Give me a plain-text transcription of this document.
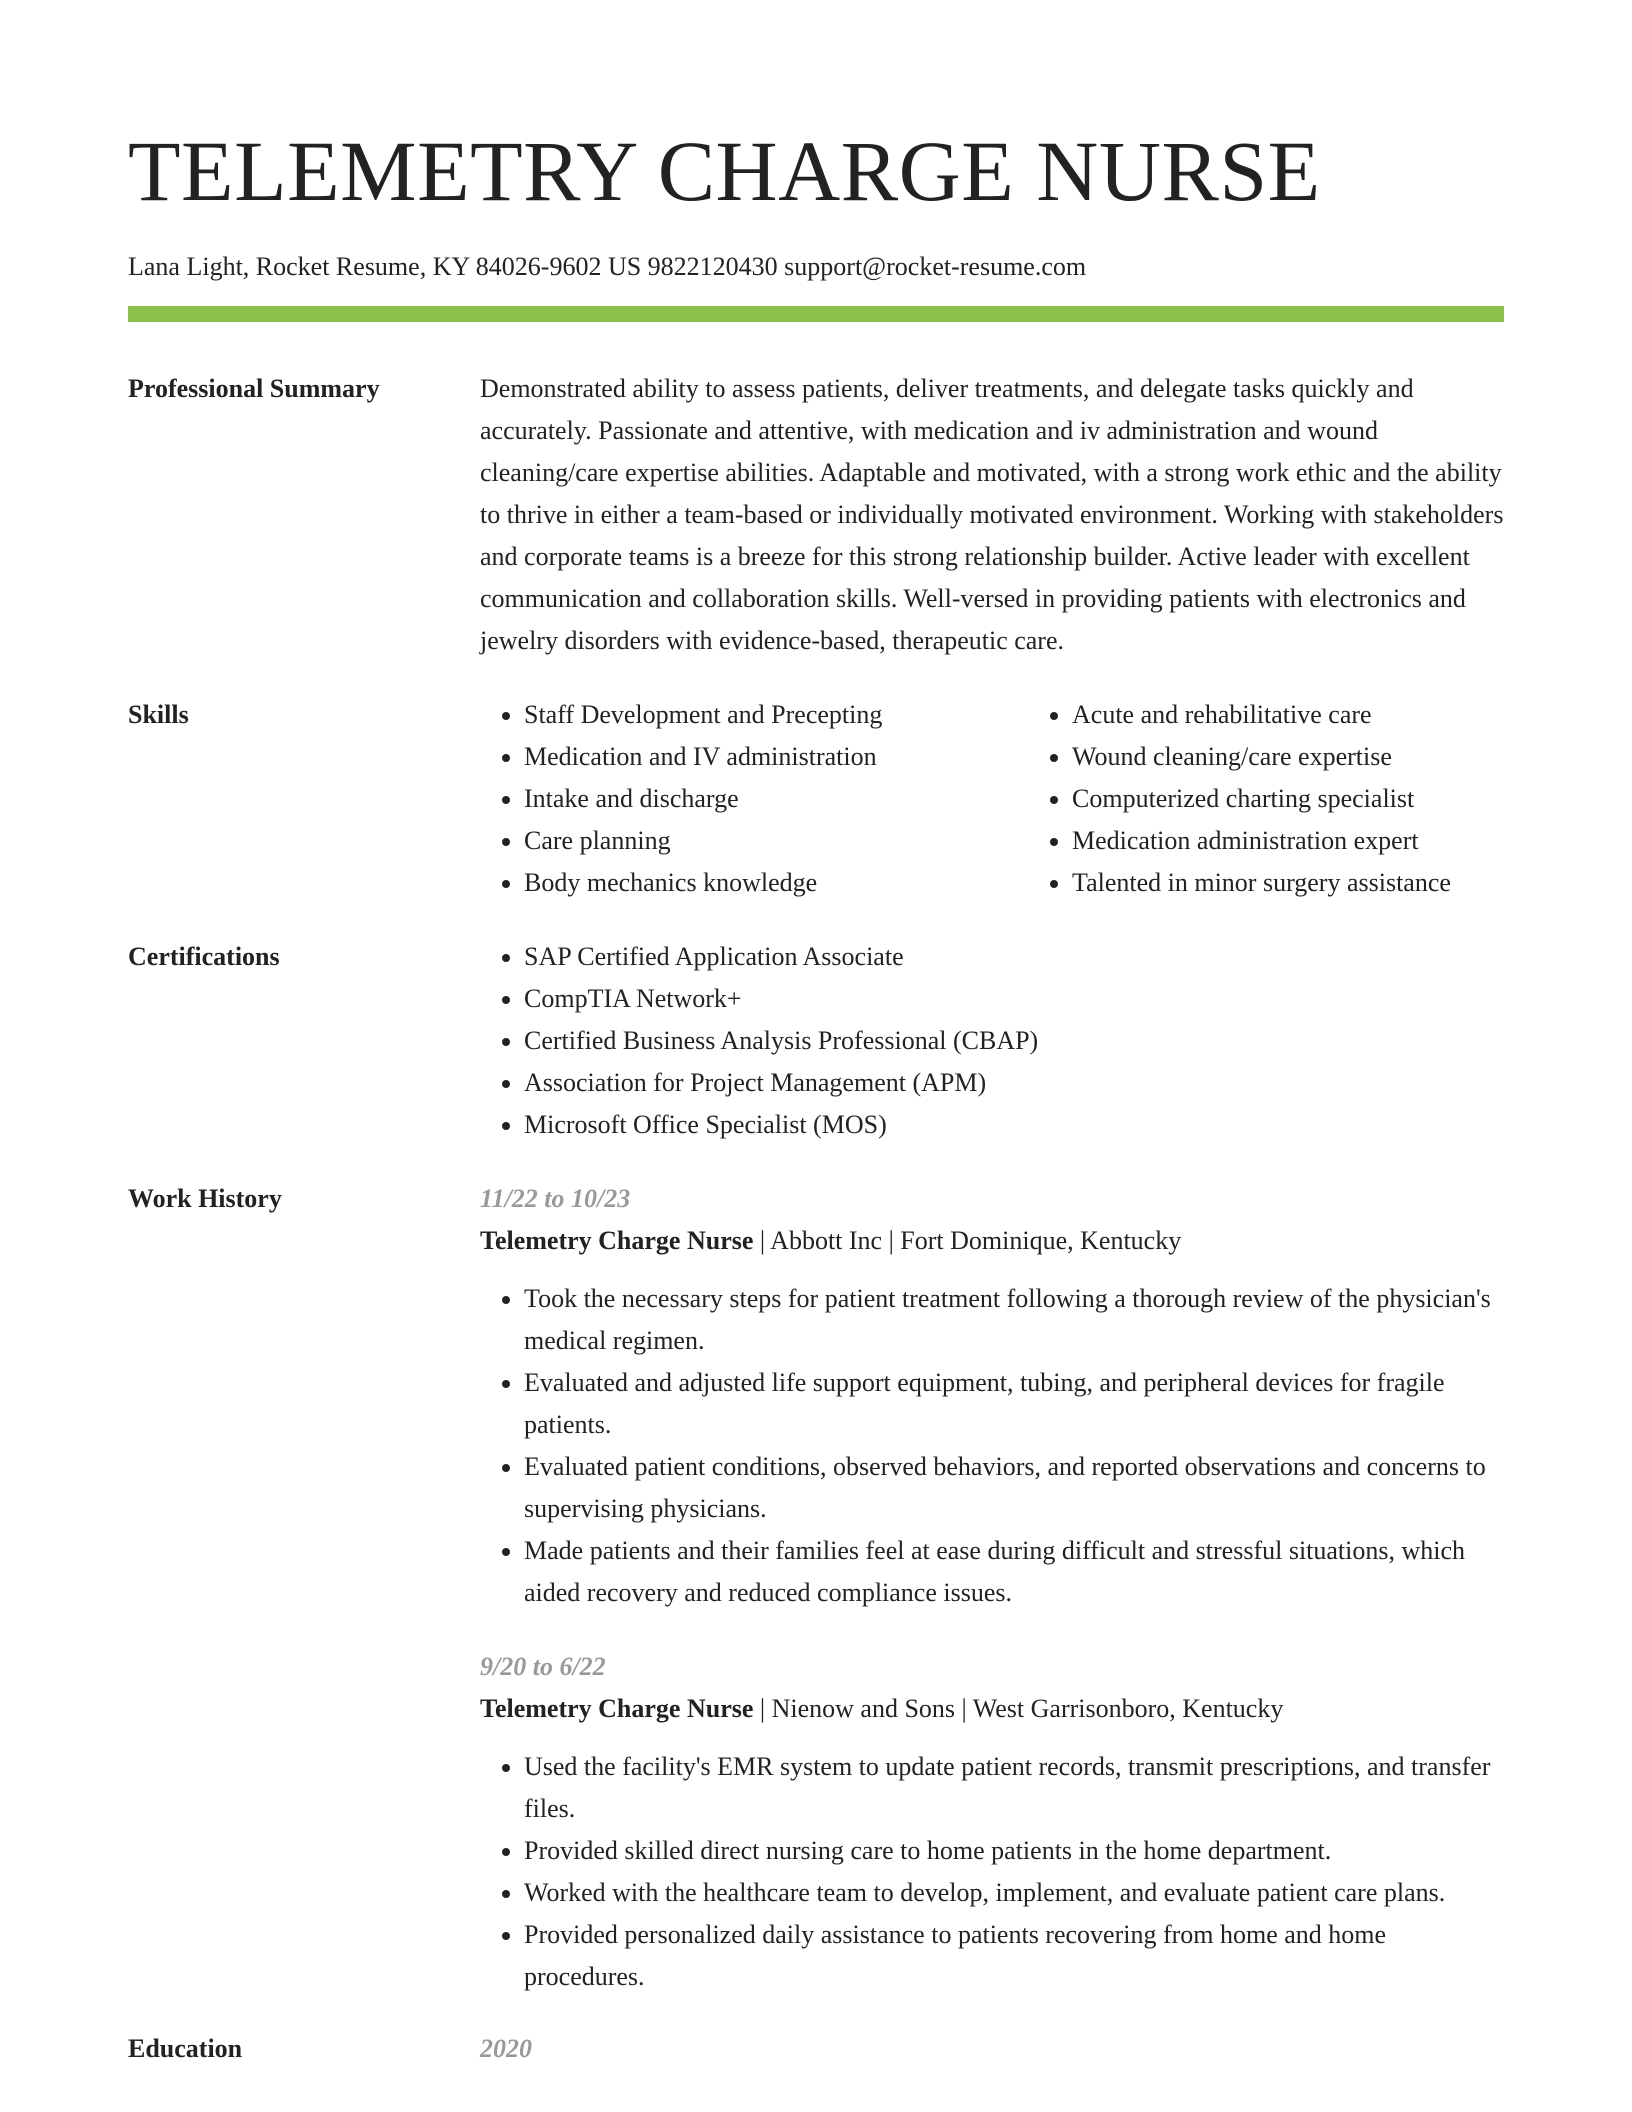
TELEMETRY CHARGE NURSE
Lana Light, Rocket Resume, KY 84026-9602 US 9822120430 support@rocket-resume.com
Professional Summary	Demonstrated ability to assess patients, deliver treatments, and delegate tasks quickly and accurately. Passionate and attentive, with medication and iv administration and wound cleaning/care expertise abilities. Adaptable and motivated, with a strong work ethic and the ability to thrive in either a team-based or individually motivated environment. Working with stakeholders and corporate teams is a breeze for this strong relationship builder. Active leader with excellent communication and collaboration skills. Well-versed in providing patients with electronics and jewelry disorders with evidence-based, therapeutic care.

Skills	• Staff Development and Precepting
• Medication and IV administration
• Intake and discharge
• Care planning
• Body mechanics knowledge
• Acute and rehabilitative care
• Wound cleaning/care expertise
• Computerized charting specialist
• Medication administration expert
• Talented in minor surgery assistance
Certifications	• SAP Certified Application Associate
• CompTIA Network+
• Certified Business Analysis Professional (CBAP)
• Association for Project Management (APM)
• Microsoft Office Specialist (MOS)
Work History	11/22 to 10/23
Telemetry Charge Nurse | Abbott Inc | Fort Dominique, Kentucky
• Took the necessary steps for patient treatment following a thorough review of the physician's medical regimen.
• Evaluated and adjusted life support equipment, tubing, and peripheral devices for fragile patients.
• Evaluated patient conditions, observed behaviors, and reported observations and concerns to supervising physicians.
• Made patients and their families feel at ease during difficult and stressful situations, which aided recovery and reduced compliance issues.
9/20 to 6/22
Telemetry Charge Nurse | Nienow and Sons | West Garrisonboro, Kentucky
• Used the facility's EMR system to update patient records, transmit prescriptions, and transfer files.
• Provided skilled direct nursing care to home patients in the home department.
• Worked with the healthcare team to develop, implement, and evaluate patient care plans.
• Provided personalized daily assistance to patients recovering from home and home procedures.
Education	2020
